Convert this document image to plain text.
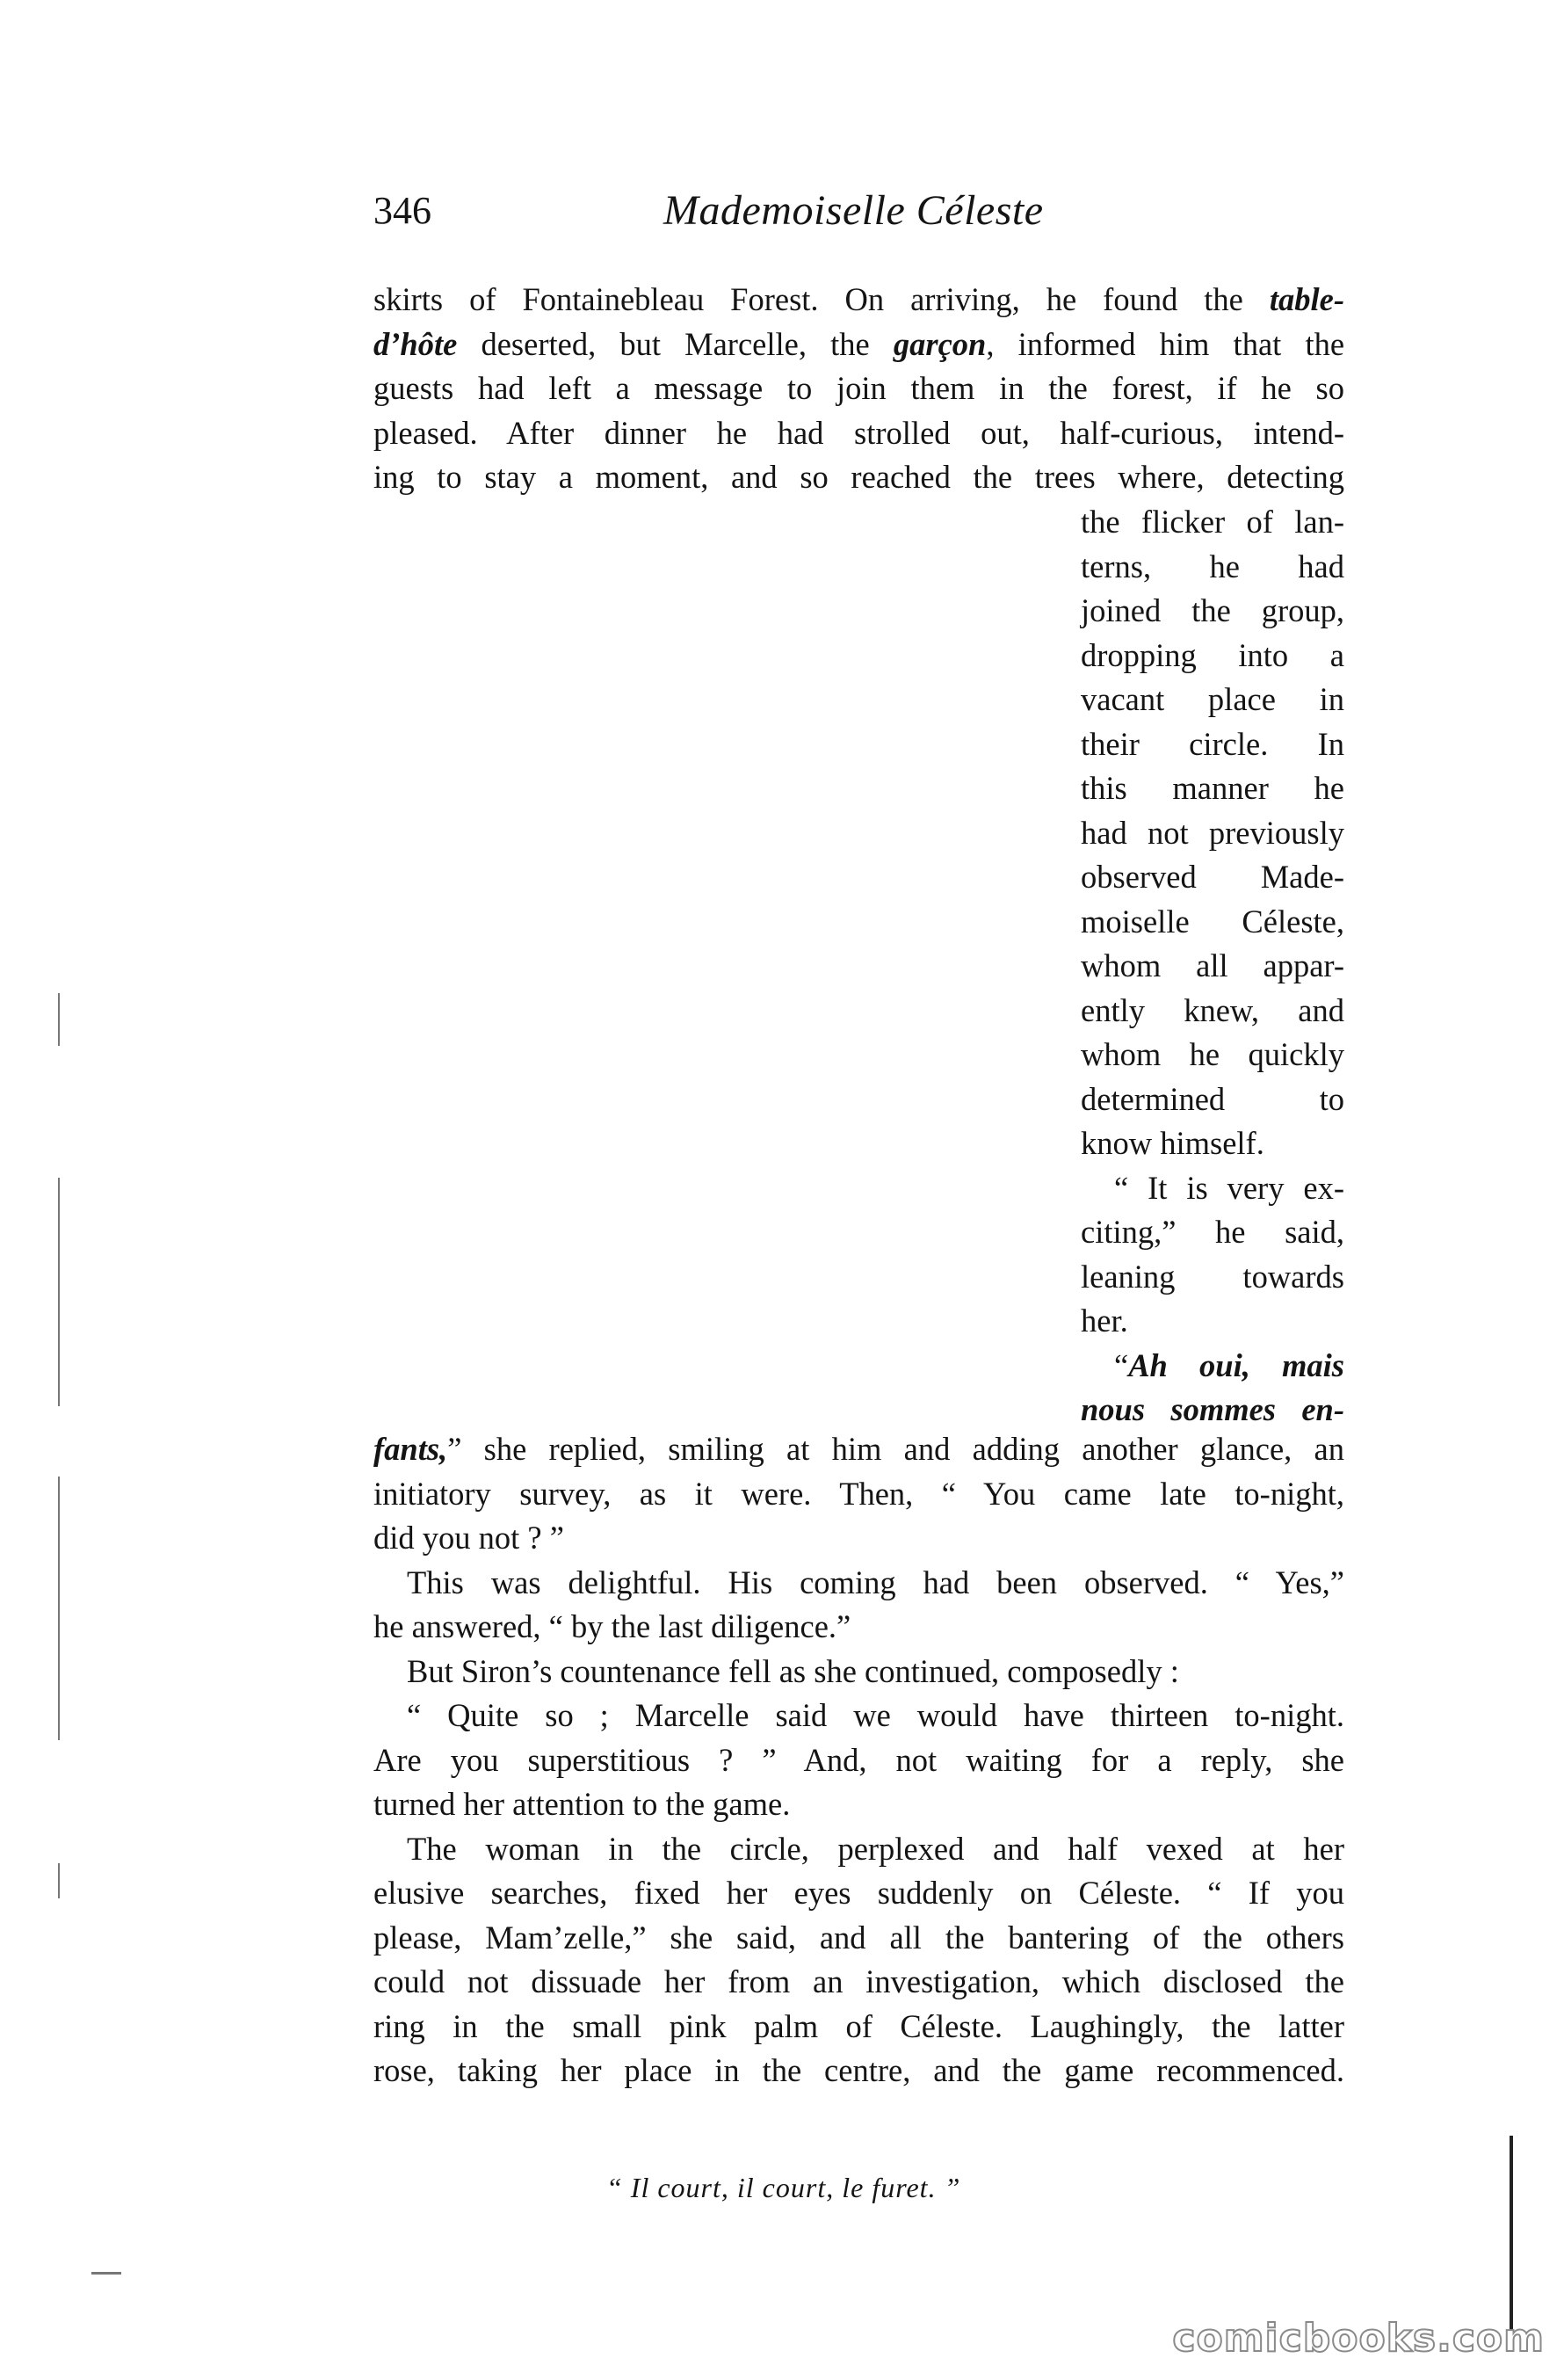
346	Mademoiselle Céleste
skirts of Fontainebleau Forest. On arriving, he found the table-
d’hôte deserted, but Marcelle, the garçon, informed him that the
guests had left a message to join them in the forest, if he so
pleased. After dinner he had strolled out, half-curious, intend-
ing to stay a moment, and so reached the trees where, detecting
the flicker of lan-
terns, he had
joined the group,
dropping into a
vacant place in
their circle. In
this manner he
had not previously
observed Made-
moiselle Céleste,
whom all appar-
ently knew, and
whom he quickly
determined to
know himself.
“ It is very ex-
citing,” he said,
leaning towards
her.
“Ah oui, mais
nous sommes en-
fants,” she replied, smiling at him and adding another glance, an
initiatory survey, as it were. Then, “ You came late to-night,
did you not ? ”
This was delightful. His coming had been observed. “ Yes,”
he answered, “ by the last diligence.”
But Siron’s countenance fell as she continued, composedly :
“ Quite so ; Marcelle said we would have thirteen to-night.
Are you superstitious ? ” And, not waiting for a reply, she
turned her attention to the game.
The woman in the circle, perplexed and half vexed at her
elusive searches, fixed her eyes suddenly on Céleste. “ If you
please, Mam’zelle,” she said, and all the bantering of the others
could not dissuade her from an investigation, which disclosed the
ring in the small pink palm of Céleste. Laughingly, the latter
rose, taking her place in the centre, and the game recommenced.
“ Il court, il court, le furet. ”
comicbooks.com
